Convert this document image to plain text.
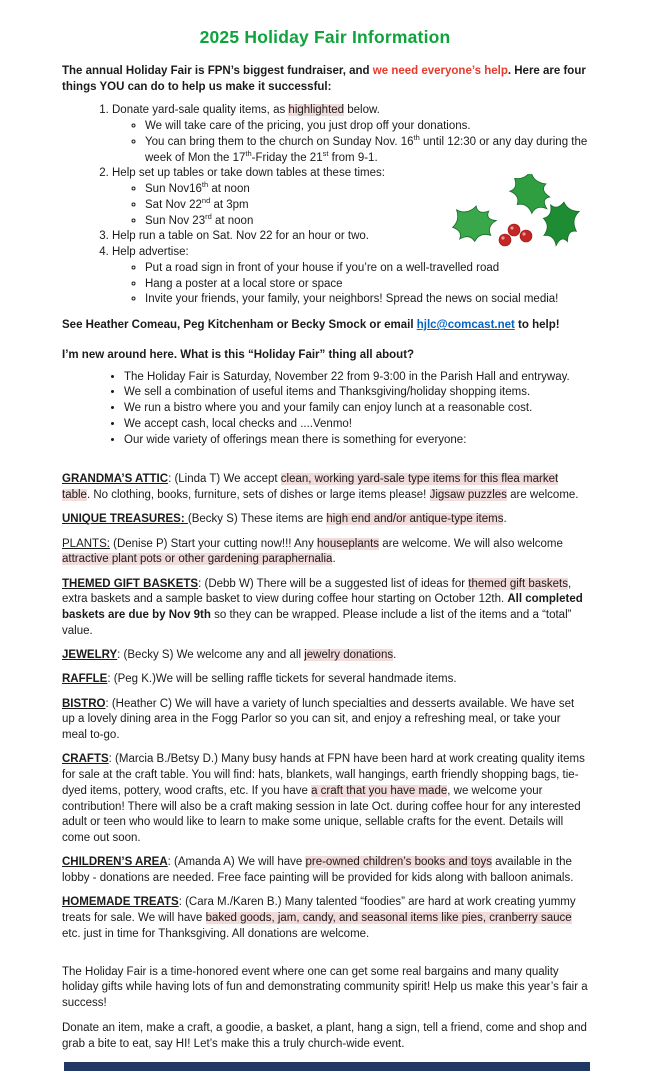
2025 Holiday Fair Information

The annual Holiday Fair is FPN’s biggest fundraiser, and we need everyone’s help. Here are four things YOU can do to help us make it successful:

1. Donate yard-sale quality items, as highlighted below.
◦ We will take care of the pricing, you just drop off your donations.
◦ You can bring them to the church on Sunday Nov. 16th until 12:30 or any day during the week of Mon the 17th-Friday the 21st from 9-1.
2. Help set up tables or take down tables at these times:
◦ Sun Nov16th at noon
◦ Sat Nov 22nd at 3pm
◦ Sun Nov 23rd at noon
3. Help run a table on Sat. Nov 22 for an hour or two.
4. Help advertise:
◦ Put a road sign in front of your house if you’re on a well-travelled road
◦ Hang a poster at a local store or space
◦ Invite your friends, your family, your neighbors! Spread the news on social media!

See Heather Comeau, Peg Kitchenham or Becky Smock or email hjlc@comcast.net to help!

I’m new around here. What is this “Holiday Fair” thing all about?
• The Holiday Fair is Saturday, November 22 from 9-3:00 in the Parish Hall and entryway.
• We sell a combination of useful items and Thanksgiving/holiday shopping items.
• We run a bistro where you and your family can enjoy lunch at a reasonable cost.
• We accept cash, local checks and ....Venmo!
• Our wide variety of offerings mean there is something for everyone:

GRANDMA’S ATTIC: (Linda T) We accept clean, working yard-sale type items for this flea market table. No clothing, books, furniture, sets of dishes or large items please! Jigsaw puzzles are welcome.

UNIQUE TREASURES: (Becky S) These items are high end and/or antique-type items.

PLANTS: (Denise P) Start your cutting now!!! Any houseplants are welcome. We will also welcome attractive plant pots or other gardening paraphernalia.

THEMED GIFT BASKETS: (Debb W) There will be a suggested list of ideas for themed gift baskets, extra baskets and a sample basket to view during coffee hour starting on October 12th. All completed baskets are due by Nov 9th so they can be wrapped. Please include a list of the items and a “total” value.

JEWELRY: (Becky S) We welcome any and all jewelry donations.

RAFFLE: (Peg K.)We will be selling raffle tickets for several handmade items.

BISTRO: (Heather C) We will have a variety of lunch specialties and desserts available. We have set up a lovely dining area in the Fogg Parlor so you can sit, and enjoy a refreshing meal, or take your meal to-go.

CRAFTS: (Marcia B./Betsy D.) Many busy hands at FPN have been hard at work creating quality items for sale at the craft table. You will find: hats, blankets, wall hangings, earth friendly shopping bags, tie-dyed items, pottery, wood crafts, etc. If you have a craft that you have made, we welcome your contribution! There will also be a craft making session in late Oct. during coffee hour for any interested adult or teen who would like to learn to make some unique, sellable crafts for the event. Details will come out soon.

CHILDREN’S AREA: (Amanda A) We will have pre-owned children’s books and toys available in the lobby - donations are needed. Free face painting will be provided for kids along with balloon animals.

HOMEMADE TREATS: (Cara M./Karen B.) Many talented “foodies” are hard at work creating yummy treats for sale. We will have baked goods, jam, candy, and seasonal items like pies, cranberry sauce etc. just in time for Thanksgiving. All donations are welcome.

The Holiday Fair is a time-honored event where one can get some real bargains and many quality holiday gifts while having lots of fun and demonstrating community spirit! Help us make this year’s fair a success!

Donate an item, make a craft, a goodie, a basket, a plant, hang a sign, tell a friend, come and shop and grab a bite to eat, say HI! Let’s make this a truly church-wide event.
